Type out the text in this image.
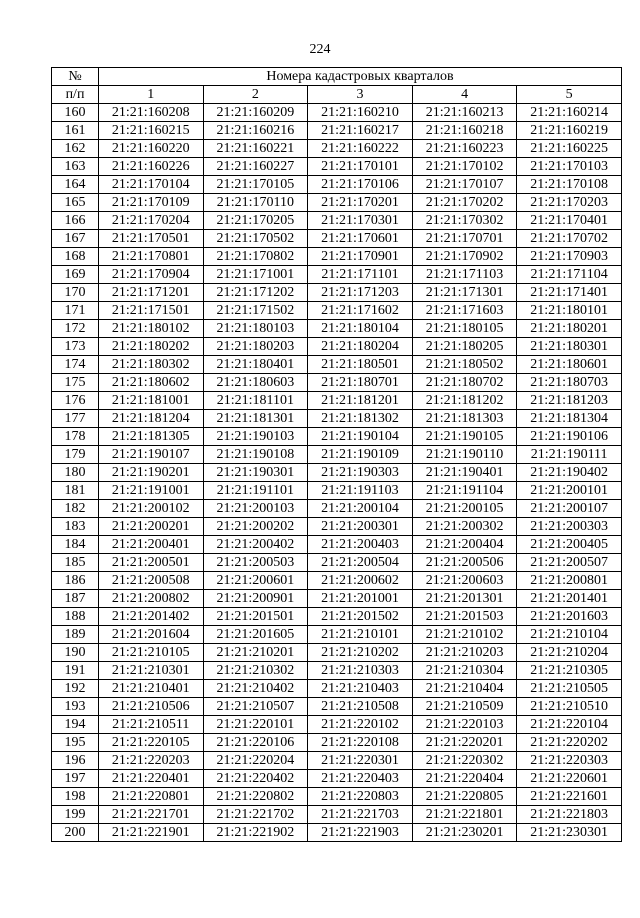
224
№	Номера кадастровых кварталов				
п/п	1	2	3	4	5
160	21:21:160208	21:21:160209	21:21:160210	21:21:160213	21:21:160214
161	21:21:160215	21:21:160216	21:21:160217	21:21:160218	21:21:160219
162	21:21:160220	21:21:160221	21:21:160222	21:21:160223	21:21:160225
163	21:21:160226	21:21:160227	21:21:170101	21:21:170102	21:21:170103
164	21:21:170104	21:21:170105	21:21:170106	21:21:170107	21:21:170108
165	21:21:170109	21:21:170110	21:21:170201	21:21:170202	21:21:170203
166	21:21:170204	21:21:170205	21:21:170301	21:21:170302	21:21:170401
167	21:21:170501	21:21:170502	21:21:170601	21:21:170701	21:21:170702
168	21:21:170801	21:21:170802	21:21:170901	21:21:170902	21:21:170903
169	21:21:170904	21:21:171001	21:21:171101	21:21:171103	21:21:171104
170	21:21:171201	21:21:171202	21:21:171203	21:21:171301	21:21:171401
171	21:21:171501	21:21:171502	21:21:171602	21:21:171603	21:21:180101
172	21:21:180102	21:21:180103	21:21:180104	21:21:180105	21:21:180201
173	21:21:180202	21:21:180203	21:21:180204	21:21:180205	21:21:180301
174	21:21:180302	21:21:180401	21:21:180501	21:21:180502	21:21:180601
175	21:21:180602	21:21:180603	21:21:180701	21:21:180702	21:21:180703
176	21:21:181001	21:21:181101	21:21:181201	21:21:181202	21:21:181203
177	21:21:181204	21:21:181301	21:21:181302	21:21:181303	21:21:181304
178	21:21:181305	21:21:190103	21:21:190104	21:21:190105	21:21:190106
179	21:21:190107	21:21:190108	21:21:190109	21:21:190110	21:21:190111
180	21:21:190201	21:21:190301	21:21:190303	21:21:190401	21:21:190402
181	21:21:191001	21:21:191101	21:21:191103	21:21:191104	21:21:200101
182	21:21:200102	21:21:200103	21:21:200104	21:21:200105	21:21:200107
183	21:21:200201	21:21:200202	21:21:200301	21:21:200302	21:21:200303
184	21:21:200401	21:21:200402	21:21:200403	21:21:200404	21:21:200405
185	21:21:200501	21:21:200503	21:21:200504	21:21:200506	21:21:200507
186	21:21:200508	21:21:200601	21:21:200602	21:21:200603	21:21:200801
187	21:21:200802	21:21:200901	21:21:201001	21:21:201301	21:21:201401
188	21:21:201402	21:21:201501	21:21:201502	21:21:201503	21:21:201603
189	21:21:201604	21:21:201605	21:21:210101	21:21:210102	21:21:210104
190	21:21:210105	21:21:210201	21:21:210202	21:21:210203	21:21:210204
191	21:21:210301	21:21:210302	21:21:210303	21:21:210304	21:21:210305
192	21:21:210401	21:21:210402	21:21:210403	21:21:210404	21:21:210505
193	21:21:210506	21:21:210507	21:21:210508	21:21:210509	21:21:210510
194	21:21:210511	21:21:220101	21:21:220102	21:21:220103	21:21:220104
195	21:21:220105	21:21:220106	21:21:220108	21:21:220201	21:21:220202
196	21:21:220203	21:21:220204	21:21:220301	21:21:220302	21:21:220303
197	21:21:220401	21:21:220402	21:21:220403	21:21:220404	21:21:220601
198	21:21:220801	21:21:220802	21:21:220803	21:21:220805	21:21:221601
199	21:21:221701	21:21:221702	21:21:221703	21:21:221801	21:21:221803
200	21:21:221901	21:21:221902	21:21:221903	21:21:230201	21:21:230301
